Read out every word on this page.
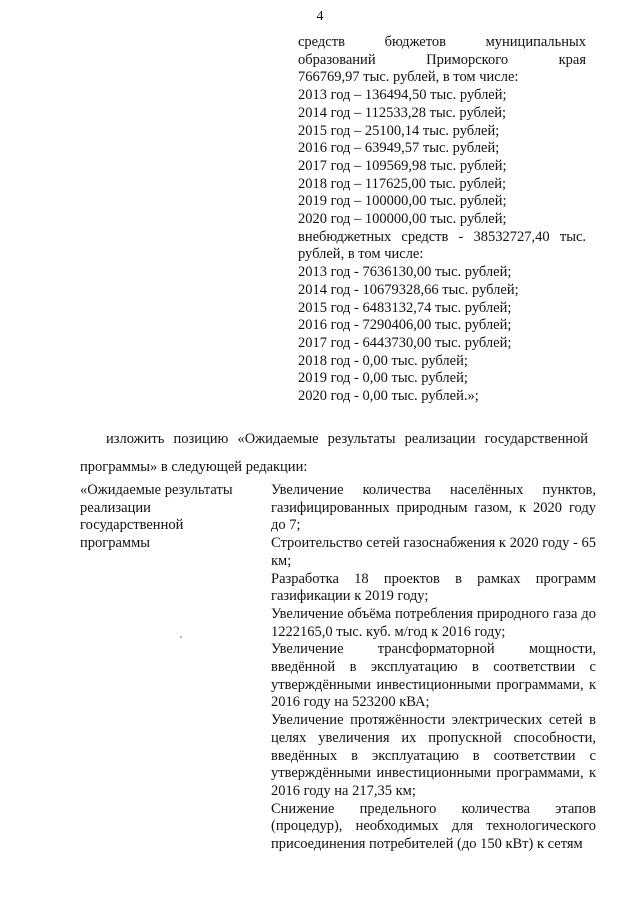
4
средств бюджетов муниципальных
образований Приморского края
766769,97 тыс. рублей, в том числе:
2013 год – 136494,50 тыс. рублей;
2014 год – 112533,28 тыс. рублей;
2015 год – 25100,14 тыс. рублей;
2016 год – 63949,57 тыс. рублей;
2017 год – 109569,98 тыс. рублей;
2018 год – 117625,00 тыс. рублей;
2019 год – 100000,00 тыс. рублей;
2020 год – 100000,00 тыс. рублей;
внебюджетных средств - 38532727,40 тыс.
рублей, в том числе:
2013 год - 7636130,00 тыс. рублей;
2014 год - 10679328,66 тыс. рублей;
2015 год - 6483132,74 тыс. рублей;
2016 год - 7290406,00 тыс. рублей;
2017 год - 6443730,00 тыс. рублей;
2018 год - 0,00 тыс. рублей;
2019 год - 0,00 тыс. рублей;
2020 год - 0,00 тыс. рублей.»;
изложить позицию «Ожидаемые результаты реализации государственной
программы» в следующей редакции:
«Ожидаемые результаты
реализации
государственной
программы
Увеличение количества населённых пунктов, газифицированных природным газом, к 2020 году до 7;
Строительство сетей газоснабжения к 2020 году - 65 км;
Разработка 18 проектов в рамках программ газификации к 2019 году;
Увеличение объёма потребления природного газа до 1222165,0 тыс. куб. м/год к 2016 году;
Увеличение трансформаторной мощности, введённой в эксплуатацию в соответствии с утверждёнными инвестиционными программами, к 2016 году на 523200 кВА;
Увеличение протяжённости электрических сетей в целях увеличения их пропускной способности, введённых в эксплуатацию в соответствии с утверждёнными инвестиционными программами, к 2016 году на 217,35 км;
Снижение предельного количества этапов (процедур), необходимых для технологического присоединения потребителей (до 150 кВт) к сетям
